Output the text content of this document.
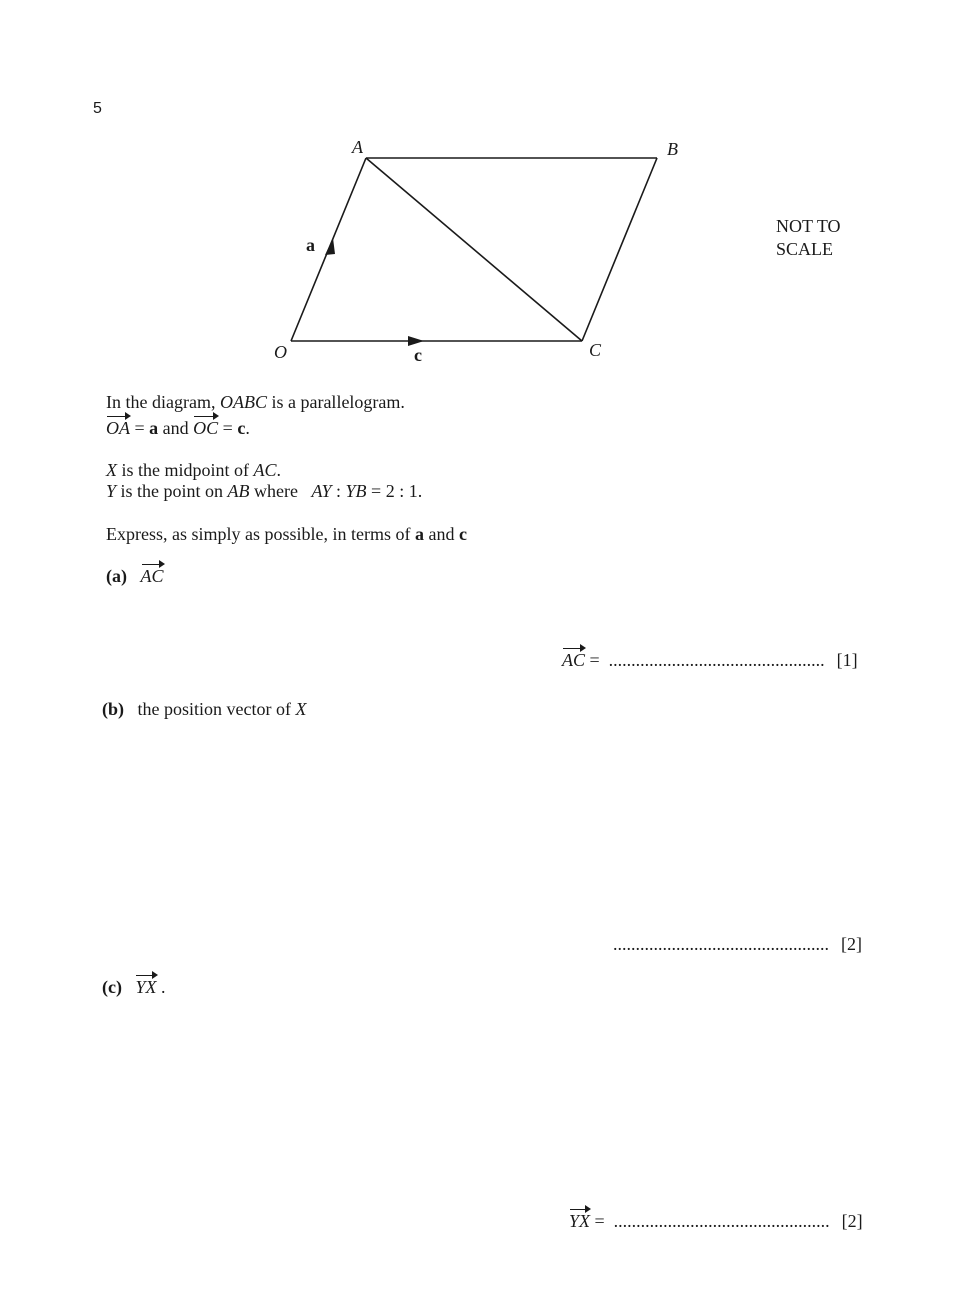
5
A	B
O	C
a
c
NOT TO SCALE
In the diagram, OABC is a parallelogram.
OA = a and OC = c.
X is the midpoint of AC.
Y is the point on AB where   AY : YB = 2 : 1.
Express, as simply as possible, in terms of a and c
(a) AC
AC =  ................................................ [1]
(b) the position vector of X
................................................ [2]
(c) YX .
YX =  ................................................ [2]
